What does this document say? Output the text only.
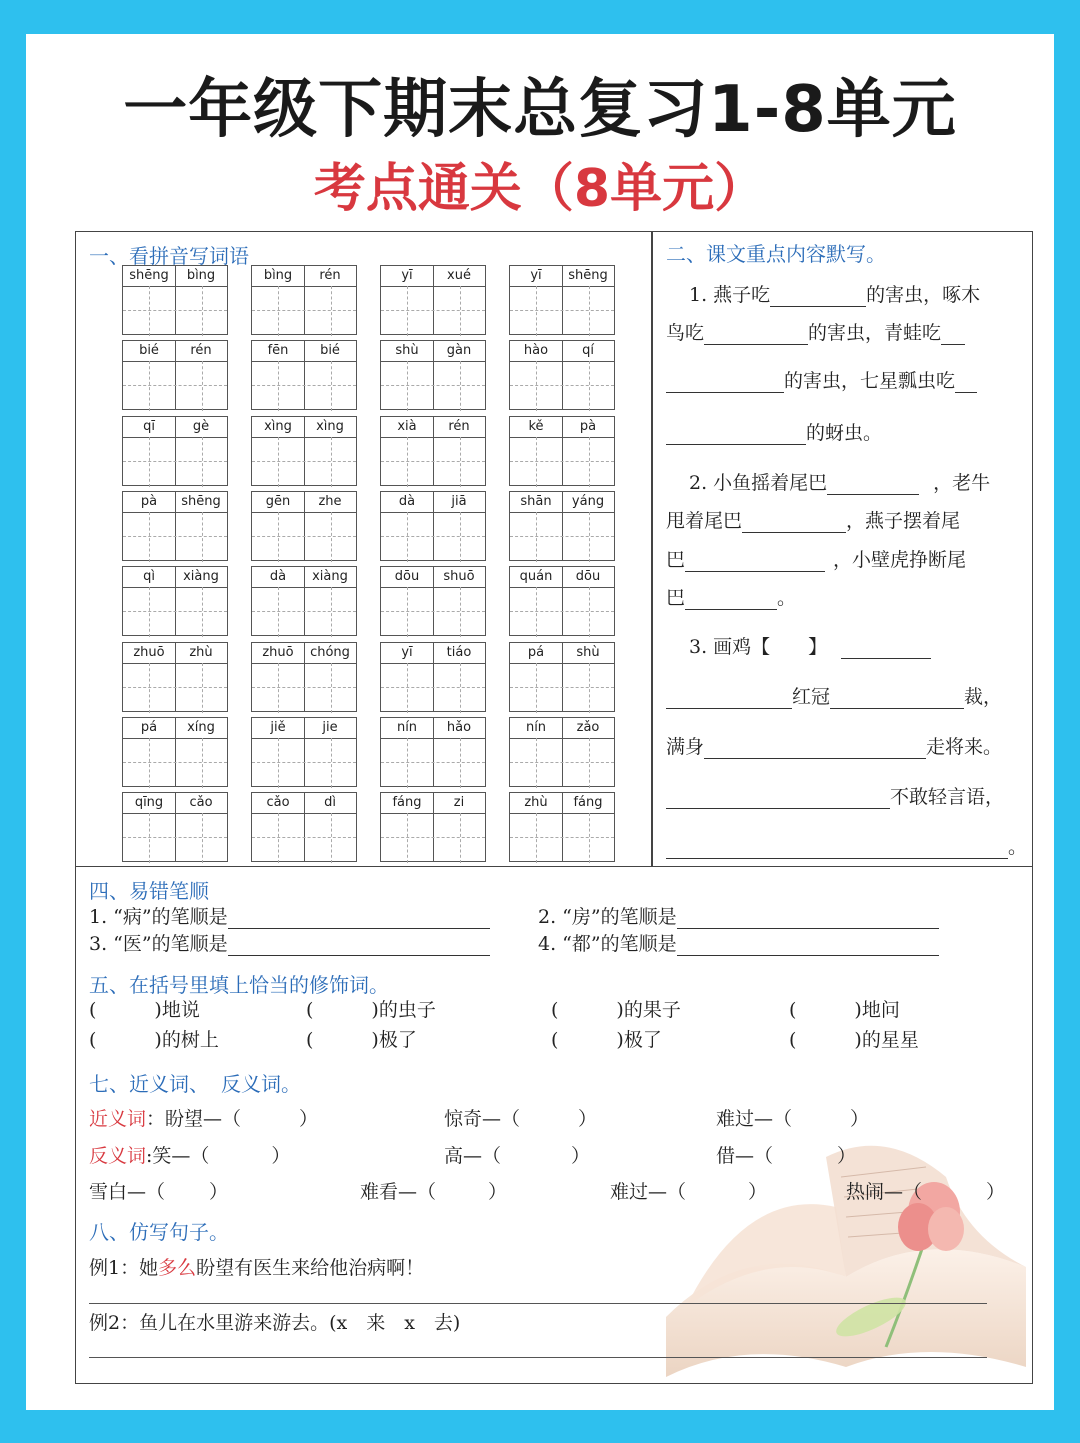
一年级下期末总复习1-8单元
考点通关（8单元）
一、看拼音写词语
shēng	bìng	bìng	rén	yī	xué	yī	shēng
bié	rén	fēn	bié	shù	gàn	hào	qí
qī	gè	xìng	xìng	xià	rén	kě	pà
pà	shēng	gēn	zhe	dà	jiā	shān	yáng
qì	xiàng	dà	xiàng	dōu	shuō	quán	dōu
zhuō	zhù	zhuō	chóng	yī	tiáo	pá	shù
pá	xíng	jiě	jie	nín	hǎo	nín	zǎo
qīng	cǎo	cǎo	dì	fáng	zi	zhù	fáng
二、课文重点内容默写。
1. 燕子吃	的害虫，啄木
鸟吃	的害虫，青蛙吃
的害虫，七星瓢虫吃
的蚜虫。
2. 小鱼摇着尾巴	，老牛
甩着尾巴	，燕子摆着尾
巴	，小壁虎挣断尾
巴	。
3. 画鸡【　　】
红冠	裁，
满身	走将来。
不敢轻言语，
。
四、易错笔顺
1. “病”的笔顺是	2. “房”的笔顺是
3. “医”的笔顺是	4. “都”的笔顺是
五、在括号里填上恰当的修饰词。
(	)地说	(	)的虫子	(	)的果子	(	)地问
(	)的树上	(	)极了	(	)极了	(	)的星星
七、近义词、 反义词。
近义词：盼望—（	）	惊奇—（	）	难过—（	）
反义词:笑—（	）	高—（	）	借—（	）
雪白—（ ）	难看—（	）	难过—（	）	热闹—（	）
八、仿写句子。
例1：她多么盼望有医生来给他治病啊！
例2：鱼儿在水里游来游去。(x　来　x　去)
